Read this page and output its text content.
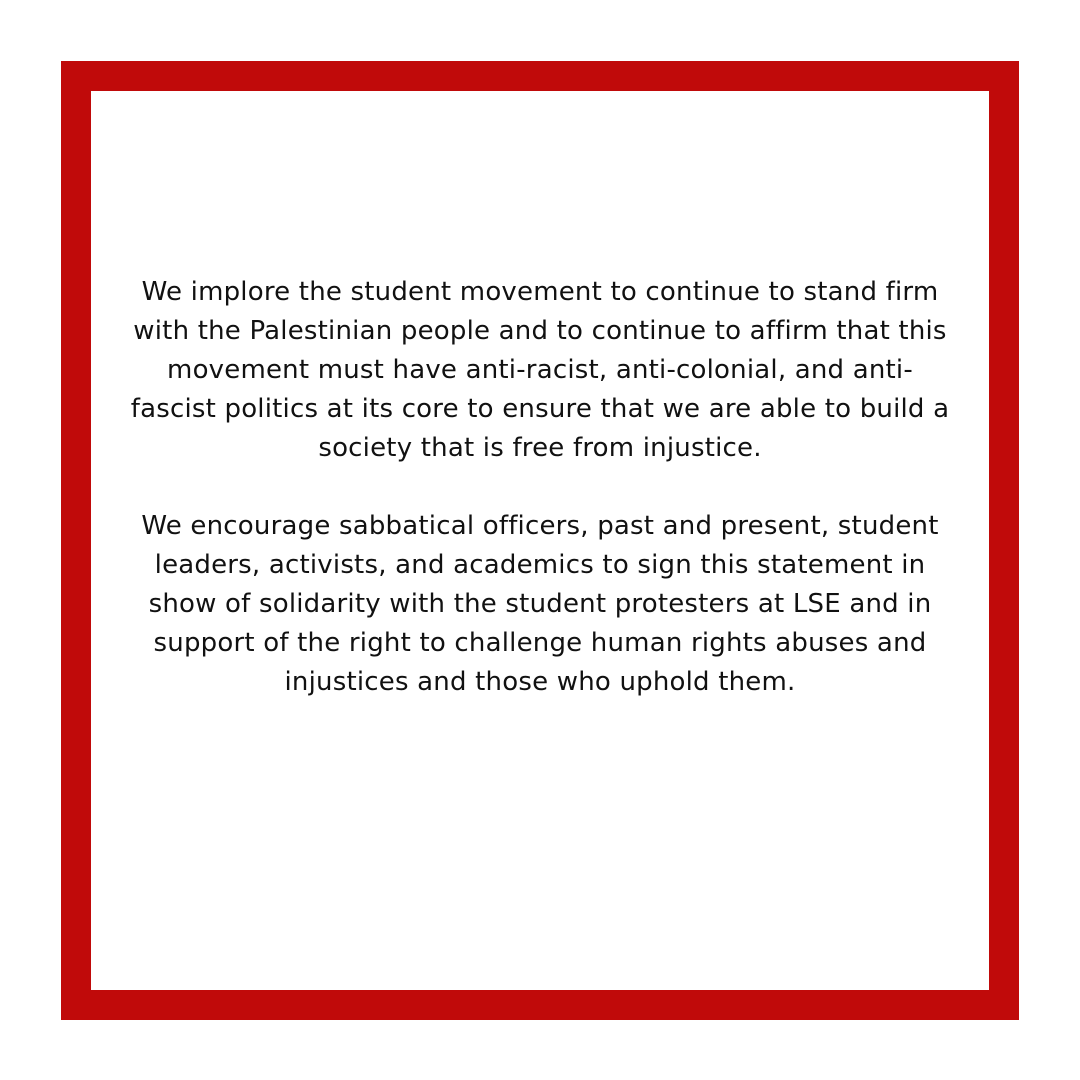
We implore the student movement to continue to stand firm with the Palestinian people and to continue to affirm that this movement must have anti-racist, anti-colonial, and anti-fascist politics at its core to ensure that we are able to build a society that is free from injustice.

We encourage sabbatical officers, past and present, student leaders, activists, and academics to sign this statement in show of solidarity with the student protesters at LSE and in support of the right to challenge human rights abuses and injustices and those who uphold them.
